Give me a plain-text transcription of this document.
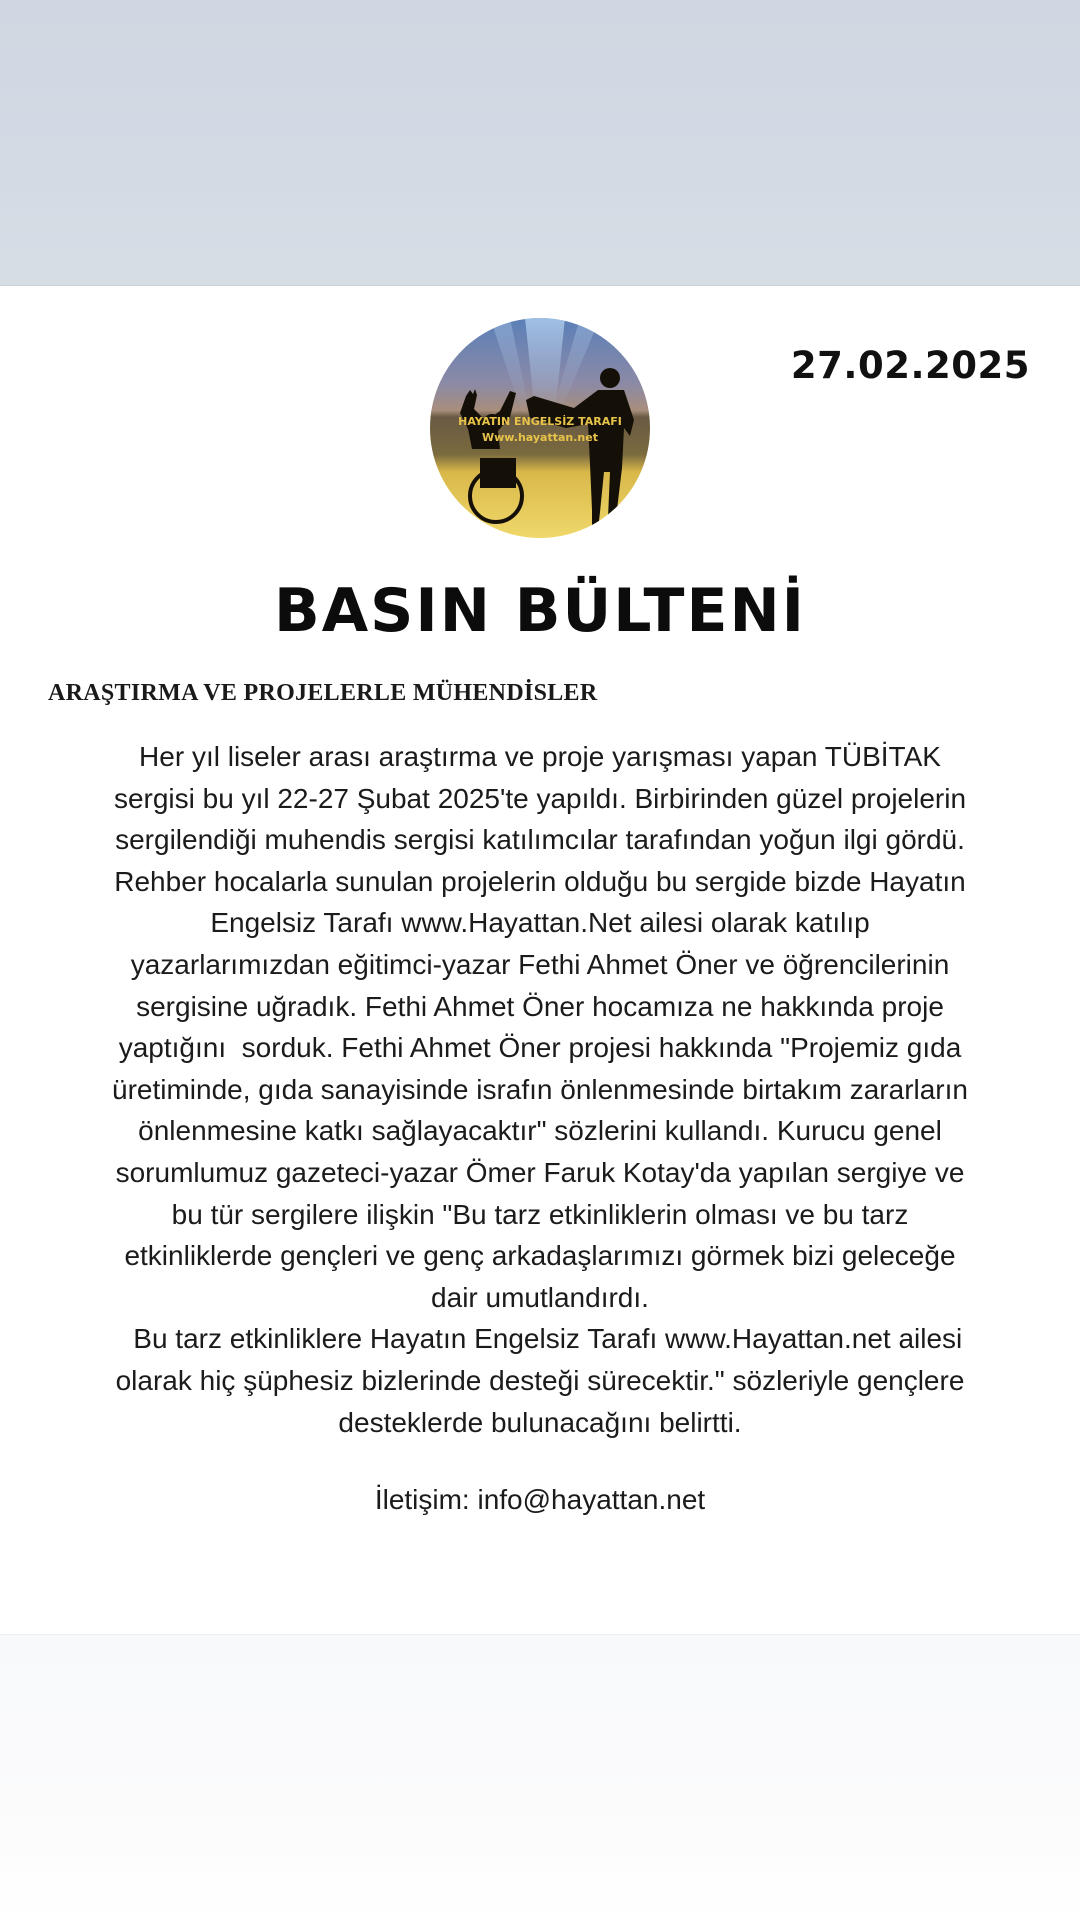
HAYATIN ENGELSİZ TARAFI
Www.hayattan.net
27.02.2025
BASIN BÜLTENİ
ARAŞTIRMA VE PROJELERLE MÜHENDİSLER
Her yıl liseler arası araştırma ve proje yarışması yapan TÜBİTAK
sergisi bu yıl 22-27 Şubat 2025'te yapıldı. Birbirinden güzel projelerin
sergilendiği muhendis sergisi katılımcılar tarafından yoğun ilgi gördü.
Rehber hocalarla sunulan projelerin olduğu bu sergide bizde Hayatın
Engelsiz Tarafı www.Hayattan.Net ailesi olarak katılıp
yazarlarımızdan eğitimci-yazar Fethi Ahmet Öner ve öğrencilerinin
sergisine uğradık. Fethi Ahmet Öner hocamıza ne hakkında proje
yaptığını  sorduk. Fethi Ahmet Öner projesi hakkında "Projemiz gıda
üretiminde, gıda sanayisinde israfın önlenmesinde birtakım zararların
önlenmesine katkı sağlayacaktır" sözlerini kullandı. Kurucu genel
sorumlumuz gazeteci-yazar Ömer Faruk Kotay'da yapılan sergiye ve
bu tür sergilere ilişkin "Bu tarz etkinliklerin olması ve bu tarz
etkinliklerde gençleri ve genç arkadaşlarımızı görmek bizi geleceğe
dair umutlandırdı.
Bu tarz etkinliklere Hayatın Engelsiz Tarafı www.Hayattan.net ailesi
olarak hiç şüphesiz bizlerinde desteği sürecektir." sözleriyle gençlere
desteklerde bulunacağını belirtti.
İletişim: info@hayattan.net
